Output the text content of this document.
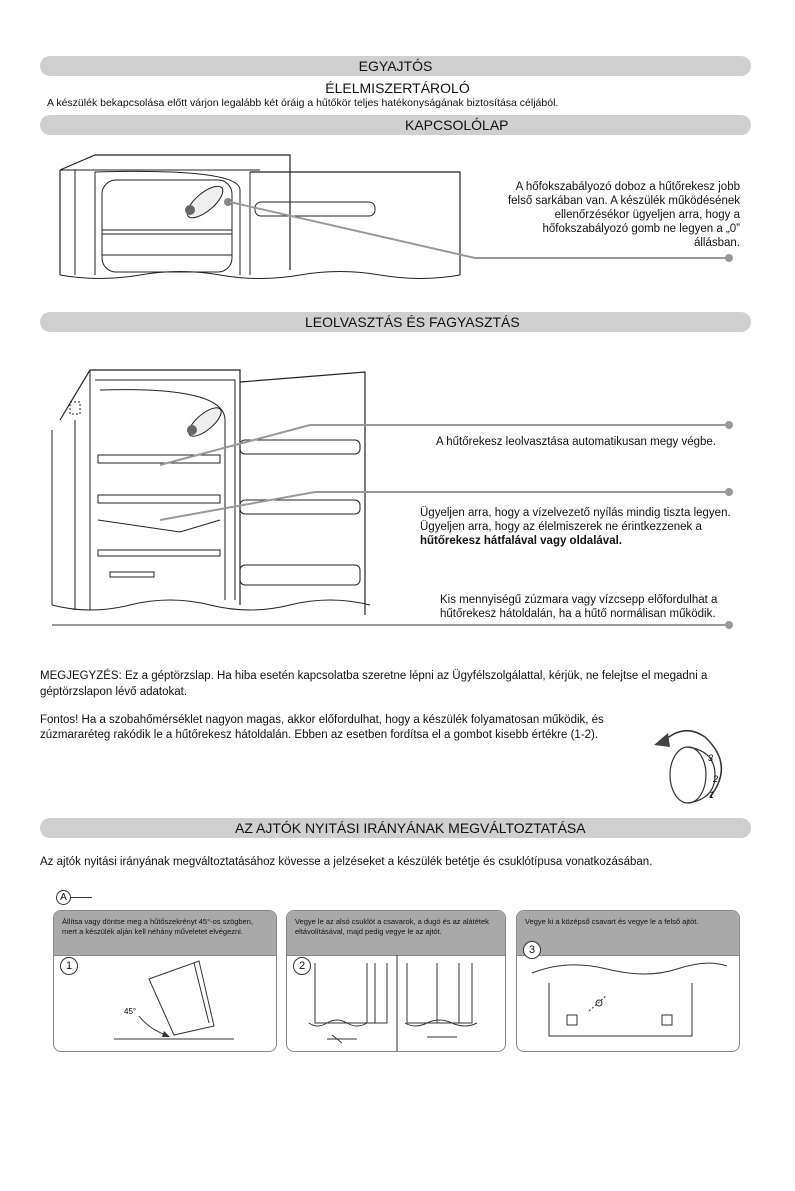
EGYAJTÓS
ÉLELMISZERTÁROLÓ
A készülék bekapcsolása előtt várjon legalább két óráig a hűtőkör teljes hatékonyságának biztosítása céljából.
KAPCSOLÓLAP
A hőfokszabályozó doboz a hűtőrekesz jobb
felső sarkában van. A készülék működésének
ellenőrzésékor ügyeljen arra, hogy a
hőfokszabályozó gomb ne legyen a „0”
állásban.
LEOLVASZTÁS ÉS FAGYASZTÁS
A hűtőrekesz leolvasztása automatikusan megy végbe.
Ügyeljen arra, hogy a vízelvezető nyílás mindig tiszta legyen.
Ügyeljen arra, hogy az élelmiszerek ne érintkezzenek a
hűtőrekesz hátfalával vagy oldalával.
Kis mennyiségű zúzmara vagy vízcsepp előfordulhat a
hűtőrekesz hátoldalán, ha a hűtő normálisan működik.
MEGJEGYZÉS: Ez a géptörzslap. Ha hiba esetén kapcsolatba szeretne lépni az Ügyfélszolgálattal, kérjük, ne felejtse el megadni a géptörzslapon lévő adatokat.
Fontos! Ha a szobahőmérséklet nagyon magas, akkor előfordulhat, hogy a készülék folyamatosan működik, és
zúzmararéteg rakódik le a hűtőrekesz hátoldalán. Ebben az esetben fordítsa el a gombot kisebb értékre (1-2).
3
2
1
AZ AJTÓK NYITÁSI IRÁNYÁNAK MEGVÁLTOZTATÁSA
Az ajtók nyitási irányának megváltoztatásához kövesse a jelzéseket a készülék betétje és csuklótípusa vonatkozásában.
A
Állítsa vagy döntse meg a hűtőszekrényt 45°-os szögben, mert a készülék alján kell néhány műveletet elvégezni.
1
45°
Vegye le az alsó csuklót a csavarok, a dugó és az alátétek eltávolításával, majd pedig vegye le az ajtót.
2
Vegye ki a középső csavart és vegye le a felső ajtót.
3
